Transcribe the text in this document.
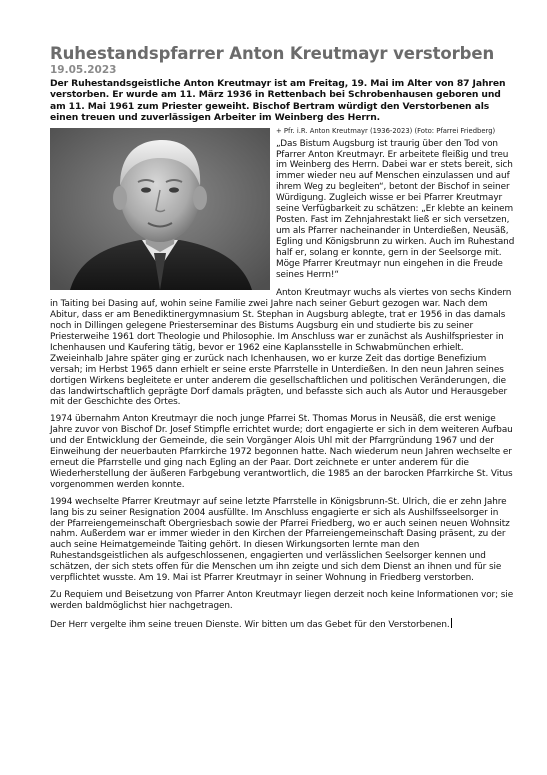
Ruhestandspfarrer Anton Kreutmayr verstorben
19.05.2023
Der Ruhestandsgeistliche Anton Kreutmayr ist am Freitag, 19. Mai im Alter von 87 Jahren verstorben. Er wurde am 11. März 1936 in Rettenbach bei Schrobenhausen geboren und am 11. Mai 1961 zum Priester geweiht. Bischof Bertram würdigt den Verstorbenen als einen treuen und zuverlässigen Arbeiter im Weinberg des Herrn.
+ Pfr. i.R. Anton Kreutmayr (1936-2023) (Foto: Pfarrei Friedberg)

„Das Bistum Augsburg ist traurig über den Tod von Pfarrer Anton Kreutmayr. Er arbeitete fleißig und treu im Weinberg des Herrn. Dabei war er stets bereit, sich immer wieder neu auf Menschen einzulassen und auf ihrem Weg zu begleiten“, betont der Bischof in seiner Würdigung. Zugleich wisse er bei Pfarrer Kreutmayr seine Verfügbarkeit zu schätzen: „Er klebte an keinem Posten. Fast im Zehnjahrestakt ließ er sich versetzen, um als Pfarrer nacheinander in Unterdießen, Neusäß, Egling und Königsbrunn zu wirken. Auch im Ruhestand half er, solang er konnte, gern in der Seelsorge mit. Möge Pfarrer Kreutmayr nun eingehen in die Freude seines Herrn!“

Anton Kreutmayr wuchs als viertes von sechs Kindern in Taiting bei Dasing auf, wohin seine Familie zwei Jahre nach seiner Geburt gezogen war. Nach dem Abitur, dass er am Benediktinergymnasium St. Stephan in Augsburg ablegte, trat er 1956 in das damals noch in Dillingen gelegene Priesterseminar des Bistums Augsburg ein und studierte bis zu seiner Priesterweihe 1961 dort Theologie und Philosophie. Im Anschluss war er zunächst als Aushilfspriester in Ichenhausen und Kaufering tätig, bevor er 1962 eine Kaplansstelle in Schwabmünchen erhielt. Zweieinhalb Jahre später ging er zurück nach Ichenhausen, wo er kurze Zeit das dortige Benefizium versah; im Herbst 1965 dann erhielt er seine erste Pfarrstelle in Unterdießen. In den neun Jahren seines dortigen Wirkens begleitete er unter anderem die gesellschaftlichen und politischen Veränderungen, die das landwirtschaftlich geprägte Dorf damals prägten, und befasste sich auch als Autor und Herausgeber mit der Geschichte des Ortes.

1974 übernahm Anton Kreutmayr die noch junge Pfarrei St. Thomas Morus in Neusäß, die erst wenige Jahre zuvor von Bischof Dr. Josef Stimpfle errichtet wurde; dort engagierte er sich in dem weiteren Aufbau und der Entwicklung der Gemeinde, die sein Vorgänger Alois Uhl mit der Pfarrgründung 1967 und der Einweihung der neuerbauten Pfarrkirche 1972 begonnen hatte. Nach wiederum neun Jahren wechselte er erneut die Pfarrstelle und ging nach Egling an der Paar. Dort zeichnete er unter anderem für die Wiederherstellung der äußeren Farbgebung verantwortlich, die 1985 an der barocken Pfarrkirche St. Vitus vorgenommen werden konnte.

1994 wechselte Pfarrer Kreutmayr auf seine letzte Pfarrstelle in Königsbrunn-St. Ulrich, die er zehn Jahre lang bis zu seiner Resignation 2004 ausfüllte. Im Anschluss engagierte er sich als Aushilfsseelsorger in der Pfarreiengemeinschaft Obergriesbach sowie der Pfarrei Friedberg, wo er auch seinen neuen Wohnsitz nahm. Außerdem war er immer wieder in den Kirchen der Pfarreiengemeinschaft Dasing präsent, zu der auch seine Heimatgemeinde Taiting gehört. In diesen Wirkungsorten lernte man den Ruhestandsgeistlichen als aufgeschlossenen, engagierten und verlässlichen Seelsorger kennen und schätzen, der sich stets offen für die Menschen um ihn zeigte und sich dem Dienst an ihnen und für sie verpflichtet wusste. Am 19. Mai ist Pfarrer Kreutmayr in seiner Wohnung in Friedberg verstorben.

Zu Requiem und Beisetzung von Pfarrer Anton Kreutmayr liegen derzeit noch keine Informationen vor; sie werden baldmöglichst hier nachgetragen.

Der Herr vergelte ihm seine treuen Dienste. Wir bitten um das Gebet für den Verstorbenen.
